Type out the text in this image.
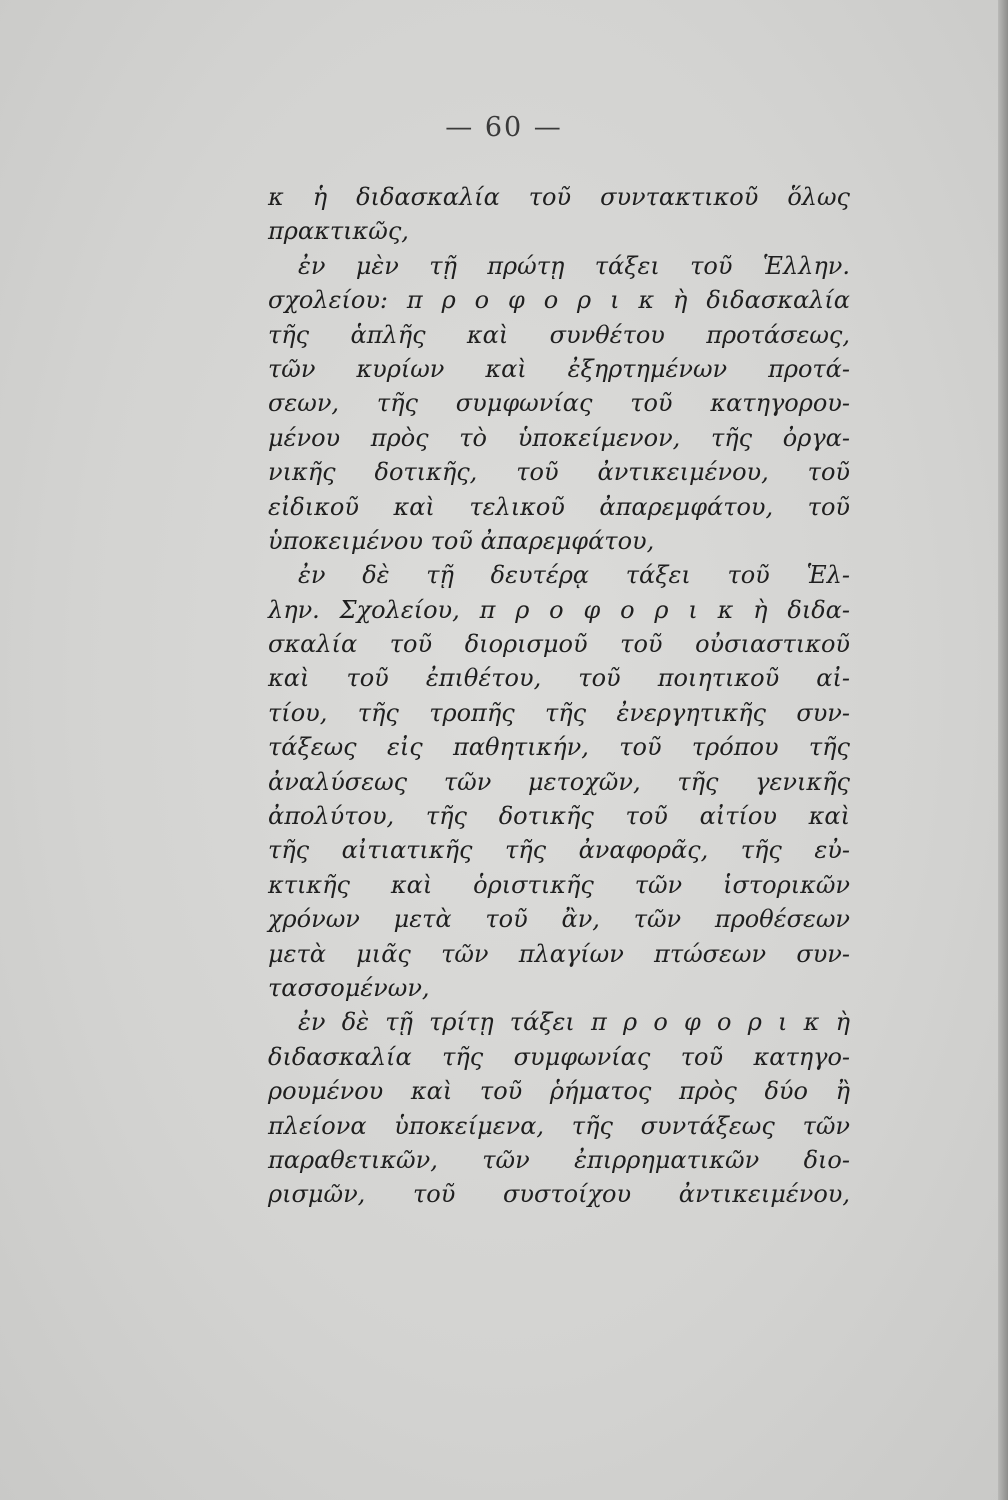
— 60 —
κ ἡ διδασκαλία τοῦ συντακτικοῦ ὅλως
πρακτικῶς,
ἐν μὲν τῇ πρώτῃ τάξει τοῦ Ἑλλην.
σχολείου: π ρ ο φ ο ρ ι κ ὴ διδασκαλία
τῆς ἁπλῆς καὶ συνθέτου προτάσεως,
τῶν κυρίων καὶ ἐξηρτημένων προτά-
σεων, τῆς συμφωνίας τοῦ κατηγορου-
μένου πρὸς τὸ ὑποκείμενον, τῆς ὀργα-
νικῆς δοτικῆς, τοῦ ἀντικειμένου, τοῦ
εἰδικοῦ καὶ τελικοῦ ἀπαρεμφάτου, τοῦ
ὑποκειμένου τοῦ ἀπαρεμφάτου,
ἐν δὲ τῇ δευτέρᾳ τάξει τοῦ Ἑλ-
λην. Σχολείου, π ρ ο φ ο ρ ι κ ὴ διδα-
σκαλία τοῦ διορισμοῦ τοῦ οὐσιαστικοῦ
καὶ τοῦ ἐπιθέτου, τοῦ ποιητικοῦ αἰ-
τίου, τῆς τροπῆς τῆς ἐνεργητικῆς συν-
τάξεως εἰς παθητικήν, τοῦ τρόπου τῆς
ἀναλύσεως τῶν μετοχῶν, τῆς γενικῆς
ἀπολύτου, τῆς δοτικῆς τοῦ αἰτίου καὶ
τῆς αἰτιατικῆς τῆς ἀναφορᾶς, τῆς εὐ-
κτικῆς καὶ ὁριστικῆς τῶν ἱστορικῶν
χρόνων μετὰ τοῦ ἂν, τῶν προθέσεων
μετὰ μιᾶς τῶν πλαγίων πτώσεων συν-
τασσομένων,
ἐν δὲ τῇ τρίτῃ τάξει π ρ ο φ ο ρ ι κ ὴ
διδασκαλία τῆς συμφωνίας τοῦ κατηγο-
ρουμένου καὶ τοῦ ῥήματος πρὸς δύο ἢ
πλείονα ὑποκείμενα, τῆς συντάξεως τῶν
παραθετικῶν, τῶν ἐπιρρηματικῶν διο-
ρισμῶν, τοῦ συστοίχου ἀντικειμένου,
